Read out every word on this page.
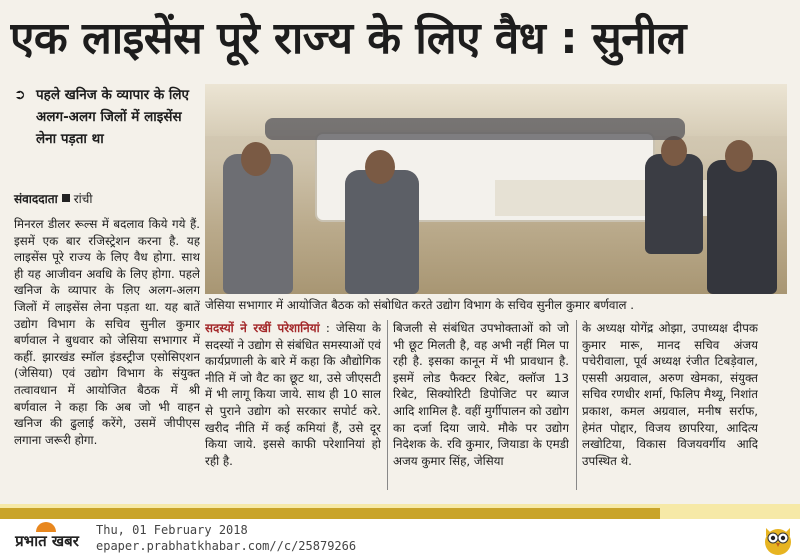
एक लाइसेंस पूरे राज्य के लिए वैध : सुनील
➲ पहले खनिज के व्यापार के लिए अलग-अलग जिलों में लाइसेंस लेना पड़ता था
संवाददाता रांची
मिनरल डीलर रूल्स में बदलाव किये गये हैं. इसमें एक बार रजिस्ट्रेशन करना है. यह लाइसेंस पूरे राज्य के लिए वैध होगा. साथ ही यह आजीवन अवधि के लिए होगा. पहले खनिज के व्यापार के लिए अलग-अलग जिलों में लाइसेंस लेना पड़ता था. यह बातें उद्योग विभाग के सचिव सुनील कुमार बर्णवाल ने बुधवार को जेसिया सभागार में कहीं. झारखंड स्मॉल इंडस्ट्रीज एसोसिएशन (जेसिया) एवं उद्योग विभाग के संयुक्त तत्वावधान में आयोजित बैठक में श्री बर्णवाल ने कहा कि अब जो भी वाहन खनिज की ढुलाई करेंगे, उसमें जीपीएस लगाना जरूरी होगा.
जेसिया सभागार में आयोजित बैठक को संबोधित करते उद्योग विभाग के सचिव सुनील कुमार बर्णवाल .
सदस्यों ने रखीं परेशानियां : जेसिया के सदस्यों ने उद्योग से संबंधित समस्याओं एवं कार्यप्रणाली के बारे में कहा कि औद्योगिक नीति में जो वैट का छूट था, उसे जीएसटी में भी लागू किया जाये. साथ ही 10 साल से पुराने उद्योग को सरकार सपोर्ट करे. खरीद नीति में कई कमियां हैं, उसे दूर किया जाये. इससे काफी परेशानियां हो रही है.
बिजली से संबंधित उपभोक्ताओं को जो भी छूट मिलती है, वह अभी नहीं मिल पा रही है. इसका कानून में भी प्रावधान है. इसमें लोड फैक्टर रिबेट, क्लॉज 13 रिबेट, सिक्योरिटी डिपोजिट पर ब्याज आदि शामिल है. वहीं मुर्गीपालन को उद्योग का दर्जा दिया जाये. मौके पर उद्योग निदेशक के. रवि कुमार, जियाडा के एमडी अजय कुमार सिंह, जेसिया
के अध्यक्ष योगेंद्र ओझा, उपाध्यक्ष दीपक कुमार मारू, मानद सचिव अंजय पचेरीवाला, पूर्व अध्यक्ष रंजीत टिबड़ेवाल, एससी अग्रवाल, अरुण खेमका, संयुक्त सचिव रणधीर शर्मा, फिलिप मैथ्यू, निशांत प्रकाश, कमल अग्रवाल, मनीष सर्राफ, हेमंत पोद्दार, विजय छापरिया, आदित्य लखोटिया, विकास विजयवर्गीय आदि उपस्थित थे.
प्रभात खबर
Thu, 01 February 2018
epaper.prabhatkhabar.com//c/25879266
